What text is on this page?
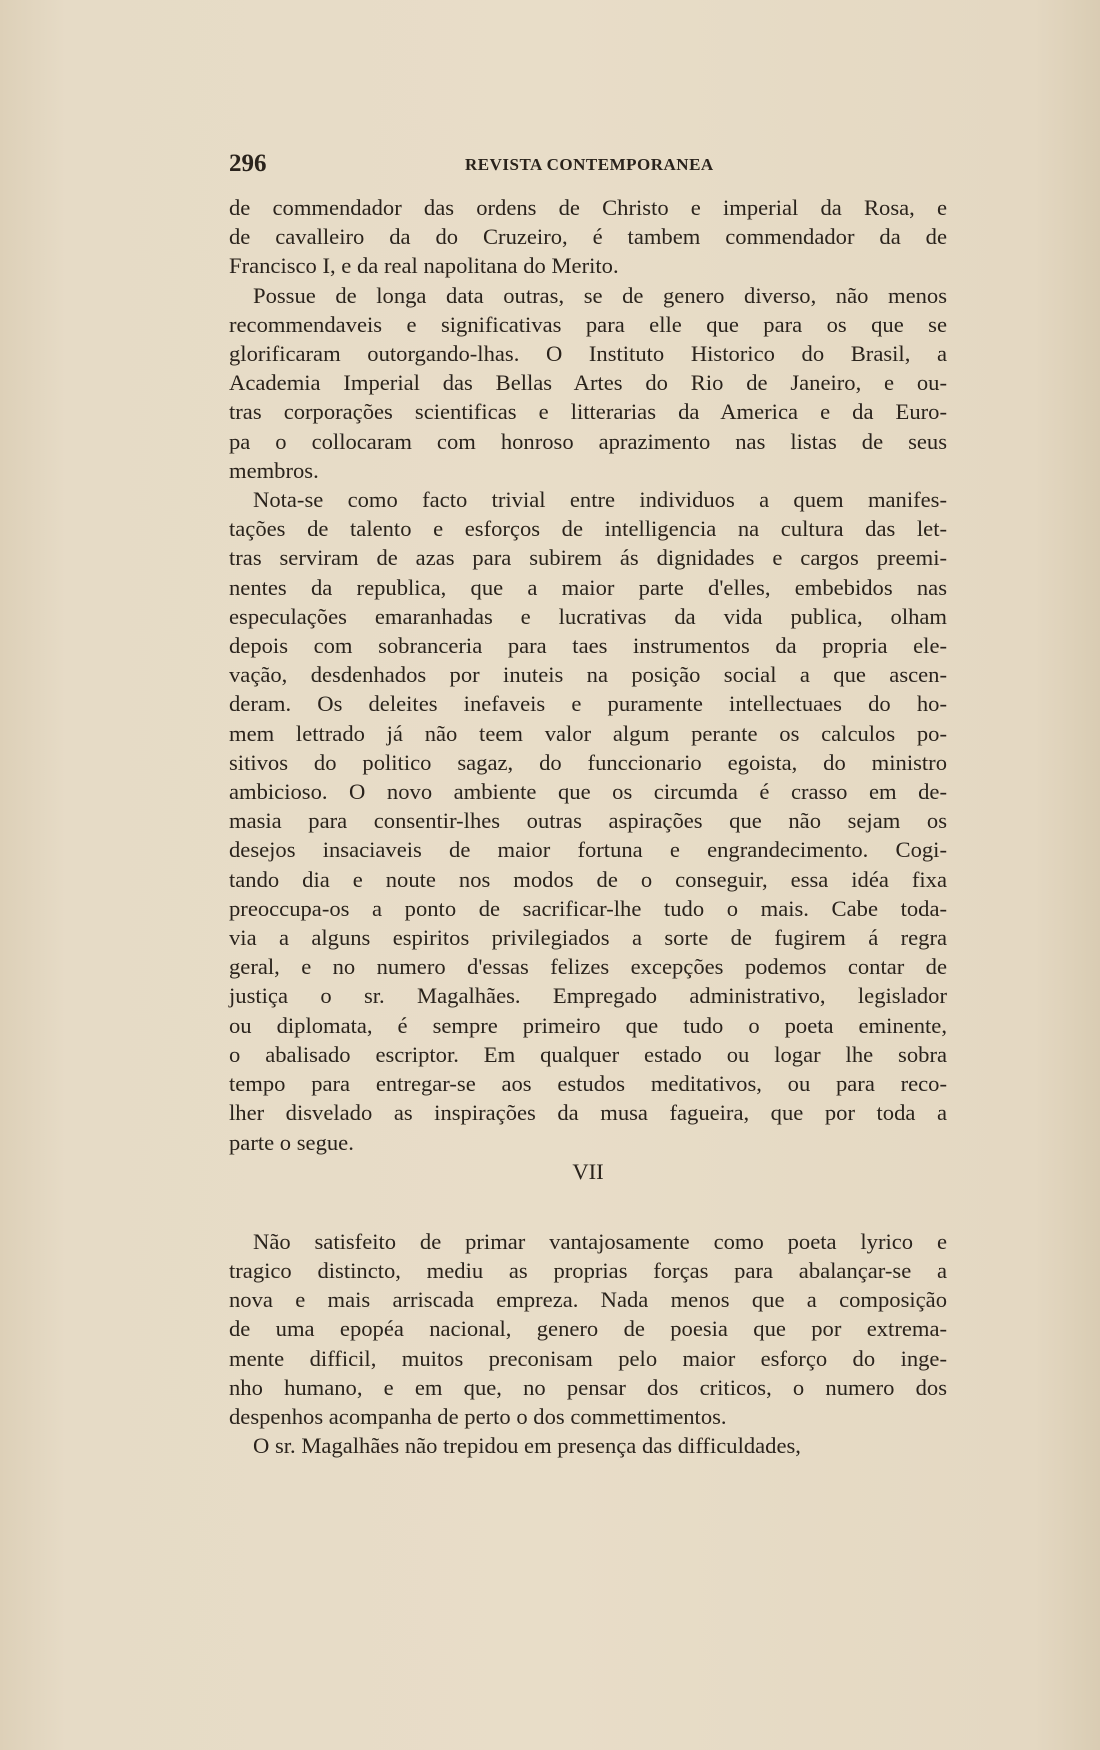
296	REVISTA CONTEMPORANEA
de commendador das ordens de Christo e imperial da Rosa, e
de cavalleiro da do Cruzeiro, é tambem commendador da de
Francisco I, e da real napolitana do Merito.
Possue de longa data outras, se de genero diverso, não menos
recommendaveis e significativas para elle que para os que se
glorificaram outorgando-lhas. O Instituto Historico do Brasil, a
Academia Imperial das Bellas Artes do Rio de Janeiro, e ou-
tras corporações scientificas e litterarias da America e da Euro-
pa o collocaram com honroso aprazimento nas listas de seus
membros.
Nota-se como facto trivial entre individuos a quem manifes-
tações de talento e esforços de intelligencia na cultura das let-
tras serviram de azas para subirem ás dignidades e cargos preemi-
nentes da republica, que a maior parte d'elles, embebidos nas
especulações emaranhadas e lucrativas da vida publica, olham
depois com sobranceria para taes instrumentos da propria ele-
vação, desdenhados por inuteis na posição social a que ascen-
deram. Os deleites inefaveis e puramente intellectuaes do ho-
mem lettrado já não teem valor algum perante os calculos po-
sitivos do politico sagaz, do funccionario egoista, do ministro
ambicioso. O novo ambiente que os circumda é crasso em de-
masia para consentir-lhes outras aspirações que não sejam os
desejos insaciaveis de maior fortuna e engrandecimento. Cogi-
tando dia e noute nos modos de o conseguir, essa idéa fixa
preoccupa-os a ponto de sacrificar-lhe tudo o mais. Cabe toda-
via a alguns espiritos privilegiados a sorte de fugirem á regra
geral, e no numero d'essas felizes excepções podemos contar de
justiça o sr. Magalhães. Empregado administrativo, legislador
ou diplomata, é sempre primeiro que tudo o poeta eminente,
o abalisado escriptor. Em qualquer estado ou logar lhe sobra
tempo para entregar-se aos estudos meditativos, ou para reco-
lher disvelado as inspirações da musa fagueira, que por toda a
parte o segue.
VII
Não satisfeito de primar vantajosamente como poeta lyrico e
tragico distincto, mediu as proprias forças para abalançar-se a
nova e mais arriscada empreza. Nada menos que a composição
de uma epopéa nacional, genero de poesia que por extrema-
mente difficil, muitos preconisam pelo maior esforço do inge-
nho humano, e em que, no pensar dos criticos, o numero dos
despenhos acompanha de perto o dos commettimentos.
O sr. Magalhães não trepidou em presença das difficuldades,
